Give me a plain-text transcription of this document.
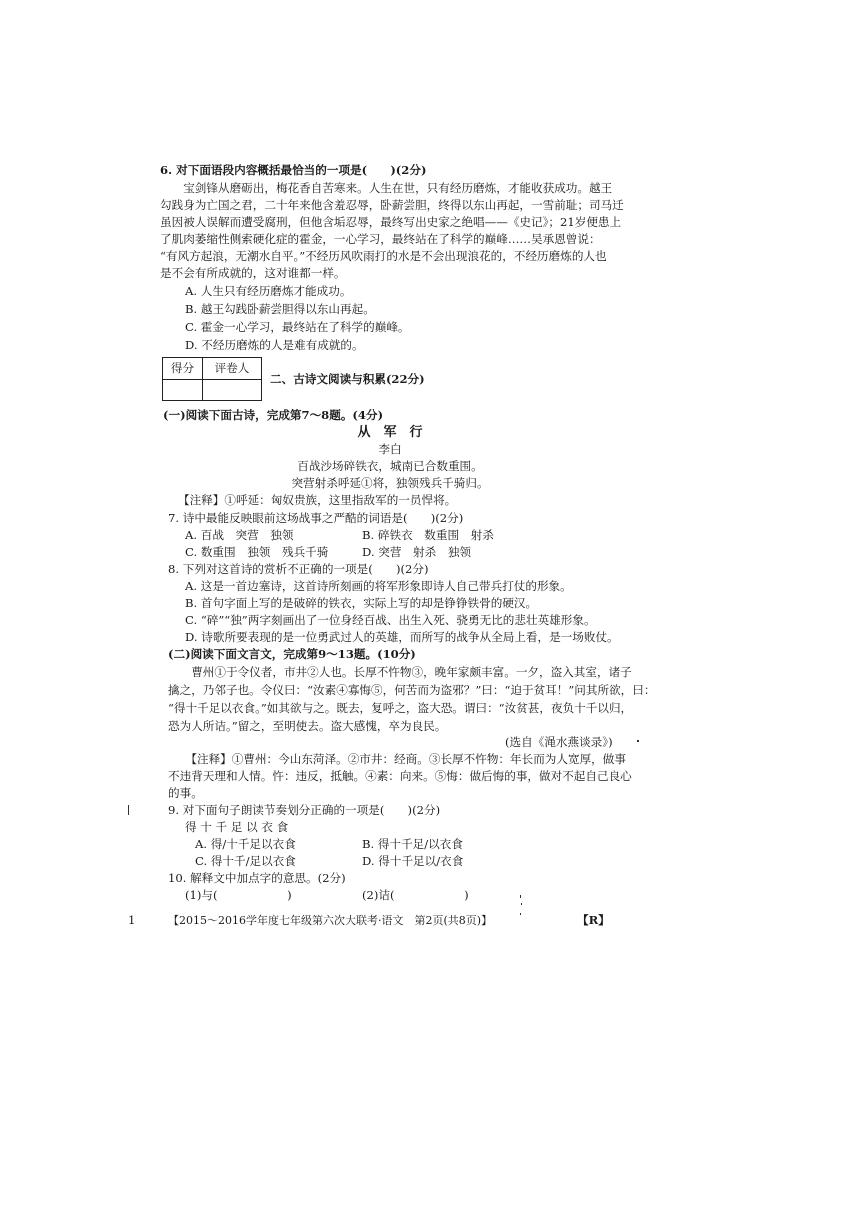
6. 对下面语段内容概括最恰当的一项是(　　)(2分)
　　宝剑锋从磨砺出，梅花香自苦寒来。人生在世，只有经历磨炼，才能收获成功。越王
勾践身为亡国之君，二十年来他含羞忍辱，卧薪尝胆，终得以东山再起，一雪前耻；司马迁
虽因被人误解而遭受腐刑，但他含垢忍辱，最终写出史家之绝唱——《史记》；21岁便患上
了肌肉萎缩性侧索硬化症的霍金，一心学习，最终站在了科学的巅峰……吴承恩曾说：
“有风方起浪，无潮水自平。”不经历风吹雨打的水是不会出现浪花的，不经历磨炼的人也
是不会有所成就的，这对谁都一样。
A. 人生只有经历磨炼才能成功。
B. 越王勾践卧薪尝胆得以东山再起。
C. 霍金一心学习，最终站在了科学的巅峰。
D. 不经历磨炼的人是难有成就的。
得分	评卷人

二、古诗文阅读与积累(22分)
(一)阅读下面古诗，完成第7～8题。(4分)
从　军　行
李白
百战沙场碎铁衣，城南已合数重围。
突营射杀呼延①将，独领残兵千骑归。
【注释】①呼延：匈奴贵族，这里指敌军的一员悍将。
7. 诗中最能反映眼前这场战事之严酷的词语是(　　)(2分)
A. 百战　突营　独领	B. 碎铁衣　数重围　射杀
C. 数重围　独领　残兵千骑	D. 突营　射杀　独领
8. 下列对这首诗的赏析不正确的一项是(　　)(2分)
A. 这是一首边塞诗，这首诗所刻画的将军形象即诗人自己带兵打仗的形象。
B. 首句字面上写的是破碎的铁衣，实际上写的却是铮铮铁骨的硬汉。
C. “碎”“独”两字刻画出了一位身经百战、出生入死、骁勇无比的悲壮英雄形象。
D. 诗歌所要表现的是一位勇武过人的英雄，而所写的战争从全局上看，是一场败仗。
(二)阅读下面文言文，完成第9～13题。(10分)
　　曹州①于令仪者，市井②人也。长厚不忤物③，晚年家颇丰富。一夕，盗入其室，诸子
擒之，乃邻子也。令仪曰：“汝素④寡悔⑤，何苦而为盗邪？”曰：“迫于贫耳！”问其所欲，曰：
“得十千足以衣食。”如其欲与之。既去，复呼之，盗大恐。谓曰：“汝贫甚，夜负十千以归，
恐为人所诘。”留之，至明使去。盗大感愧，卒为良民。
(选自《渑水燕谈录》)
　　【注释】①曹州：今山东菏泽。②市井：经商。③长厚不忤物：年长而为人宽厚，做事
不违背天理和人情。忤：违反，抵触。④素：向来。⑤悔：做后悔的事，做对不起自己良心
的事。
9. 对下面句子朗读节奏划分正确的一项是(　　)(2分)
得 十 千 足 以 衣 食
A. 得/十千足以衣食	B. 得十千足/以衣食
C. 得十千/足以衣食	D. 得十千足以/衣食
10. 解释文中加点字的意思。(2分)
(1)与(　　　　　　)	(2)诘(　　　　　　)
1	【2015～2016学年度七年级第六次大联考·语文　第2页(共8页)】	【R】
